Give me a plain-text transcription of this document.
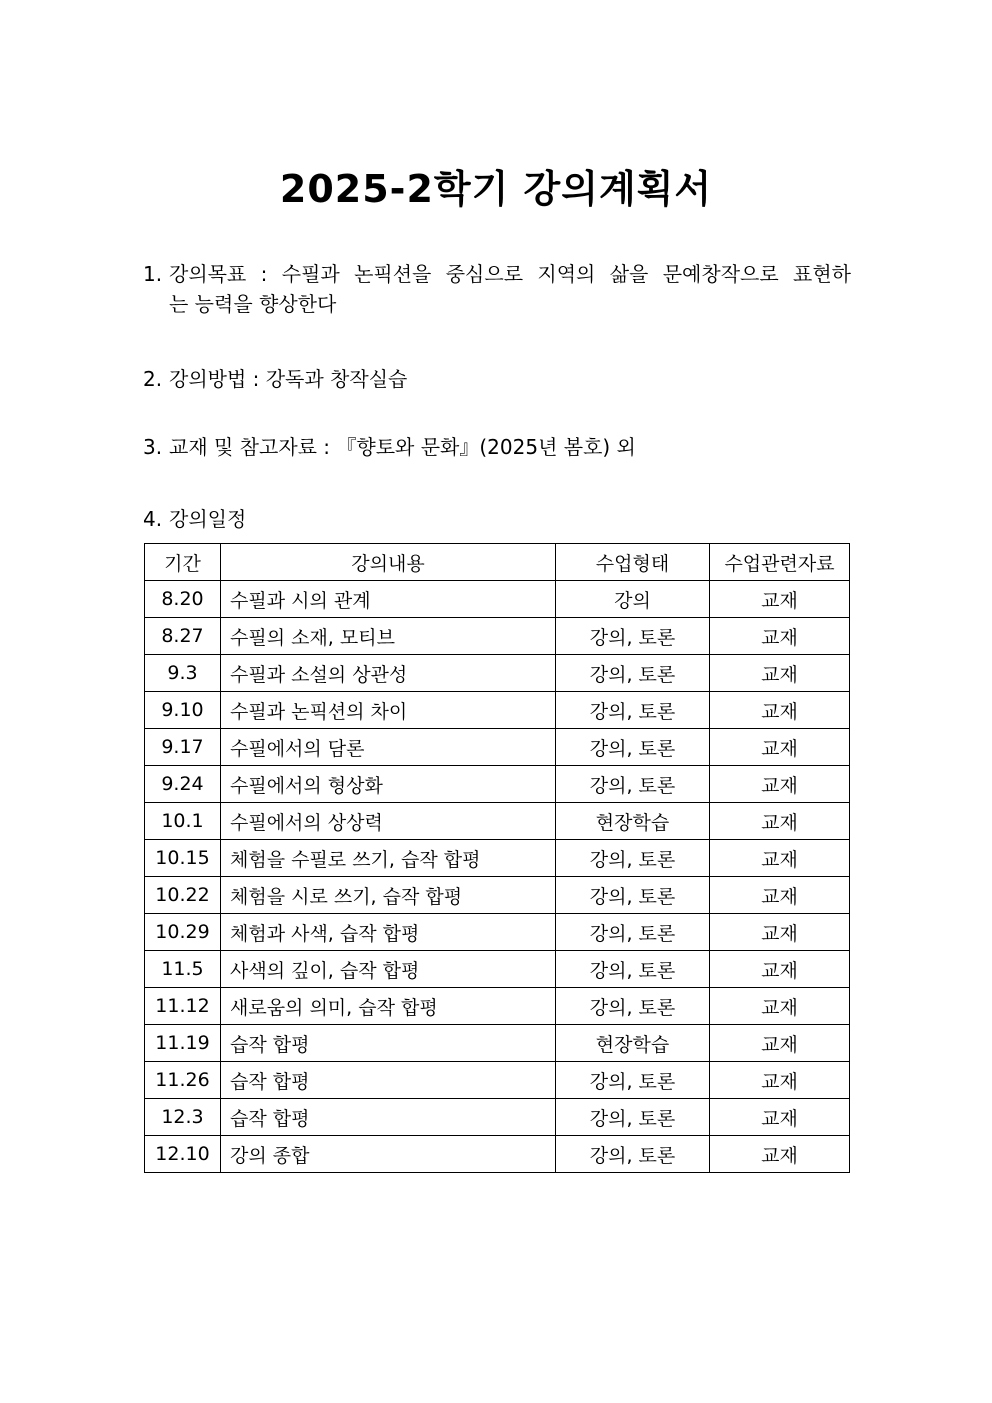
2025-2학기 강의계획서
1. 강의목표 : 수필과 논픽션을 중심으로 지역의 삶을 문예창작으로 표현하
는 능력을 향상한다
2. 강의방법 : 강독과 창작실습
3. 교재 및 참고자료 : 『향토와 문화』(2025년 봄호) 외
4. 강의일정
기간	강의내용	수업형태	수업관련자료
8.20	수필과 시의 관계	강의	교재
8.27	수필의 소재, 모티브	강의, 토론	교재
9.3	수필과 소설의 상관성	강의, 토론	교재
9.10	수필과 논픽션의 차이	강의, 토론	교재
9.17	수필에서의 담론	강의, 토론	교재
9.24	수필에서의 형상화	강의, 토론	교재
10.1	수필에서의 상상력	현장학습	교재
10.15	체험을 수필로 쓰기, 습작 합평	강의, 토론	교재
10.22	체험을 시로 쓰기, 습작 합평	강의, 토론	교재
10.29	체험과 사색, 습작 합평	강의, 토론	교재
11.5	사색의 깊이, 습작 합평	강의, 토론	교재
11.12	새로움의 의미, 습작 합평	강의, 토론	교재
11.19	습작 합평	현장학습	교재
11.26	습작 합평	강의, 토론	교재
12.3	습작 합평	강의, 토론	교재
12.10	강의 종합	강의, 토론	교재
